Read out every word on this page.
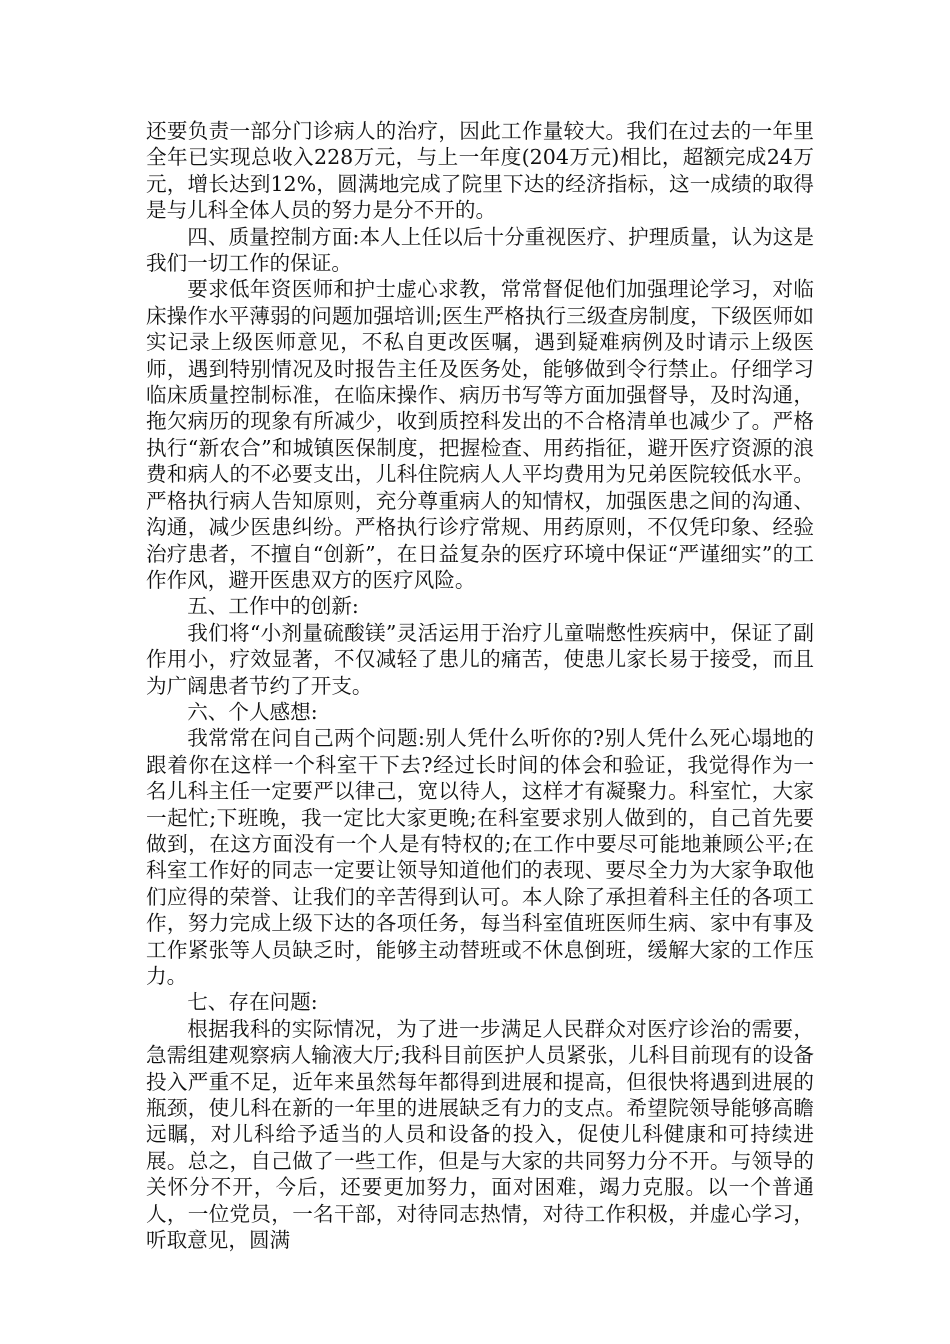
还要负责一部分门诊病人的治疗，因此工作量较大。我们在过去的一年里全年已实现总收入228万元，与上一年度(204万元)相比，超额完成24万元，增长达到12%，圆满地完成了院里下达的经济指标，这一成绩的取得是与儿科全体人员的努力是分不开的。

四、质量控制方面:本人上任以后十分重视医疗、护理质量，认为这是我们一切工作的保证。

要求低年资医师和护士虚心求教，常常督促他们加强理论学习，对临床操作水平薄弱的问题加强培训;医生严格执行三级查房制度，下级医师如实记录上级医师意见，不私自更改医嘱，遇到疑难病例及时请示上级医师，遇到特别情况及时报告主任及医务处，能够做到令行禁止。仔细学习临床质量控制标准，在临床操作、病历书写等方面加强督导，及时沟通，拖欠病历的现象有所减少，收到质控科发出的不合格清单也减少了。严格执行“新农合”和城镇医保制度，把握检查、用药指征，避开医疗资源的浪费和病人的不必要支出，儿科住院病人人平均费用为兄弟医院较低水平。严格执行病人告知原则，充分尊重病人的知情权，加强医患之间的沟通、沟通，减少医患纠纷。严格执行诊疗常规、用药原则，不仅凭印象、经验治疗患者，不擅自“创新”，在日益复杂的医疗环境中保证“严谨细实”的工作作风，避开医患双方的医疗风险。

五、工作中的创新:

我们将“小剂量硫酸镁”灵活运用于治疗儿童喘憋性疾病中，保证了副作用小，疗效显著，不仅减轻了患儿的痛苦，使患儿家长易于接受，而且为广阔患者节约了开支。

六、个人感想:

我常常在问自己两个问题:别人凭什么听你的?别人凭什么死心塌地的跟着你在这样一个科室干下去?经过长时间的体会和验证，我觉得作为一名儿科主任一定要严以律己，宽以待人，这样才有凝聚力。科室忙，大家一起忙;下班晚，我一定比大家更晚;在科室要求别人做到的，自己首先要做到，在这方面没有一个人是有特权的;在工作中要尽可能地兼顾公平;在科室工作好的同志一定要让领导知道他们的表现、要尽全力为大家争取他们应得的荣誉、让我们的辛苦得到认可。本人除了承担着科主任的各项工作，努力完成上级下达的各项任务，每当科室值班医师生病、家中有事及工作紧张等人员缺乏时，能够主动替班或不休息倒班，缓解大家的工作压力。

七、存在问题:

根据我科的实际情况，为了进一步满足人民群众对医疗诊治的需要，急需组建观察病人输液大厅;我科目前医护人员紧张，儿科目前现有的设备投入严重不足，近年来虽然每年都得到进展和提高，但很快将遇到进展的瓶颈，使儿科在新的一年里的进展缺乏有力的支点。希望院领导能够高瞻远瞩，对儿科给予适当的人员和设备的投入，促使儿科健康和可持续进展。总之，自己做了一些工作，但是与大家的共同努力分不开。与领导的关怀分不开，今后，还要更加努力，面对困难，竭力克服。以一个普通人，一位党员，一名干部，对待同志热情，对待工作积极，并虚心学习，听取意见，圆满
